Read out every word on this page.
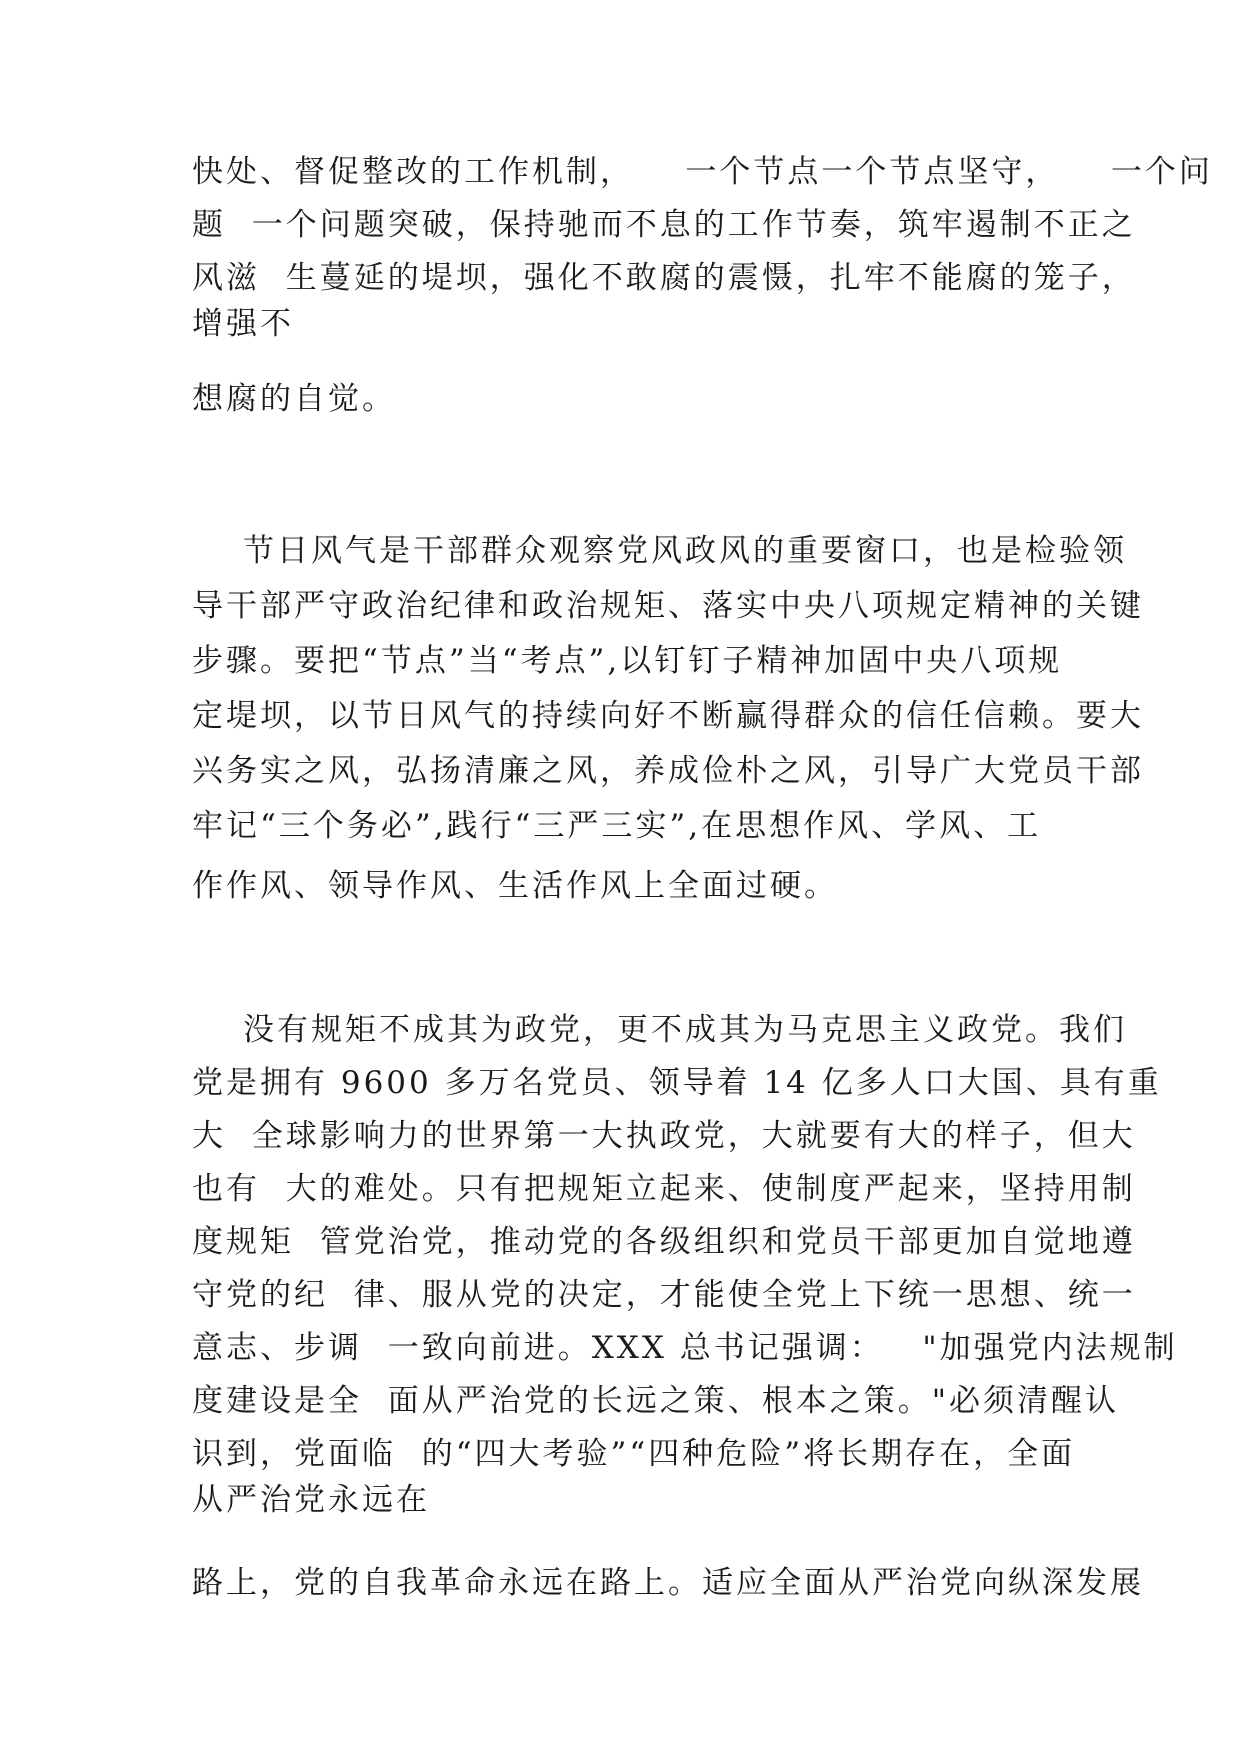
快处、督促整改的工作机制，    一个节点一个节点坚守，    一个问

题  一个问题突破，保持驰而不息的工作节奏，筑牢遏制不正之

风滋  生蔓延的堤坝，强化不敢腐的震慑，扎牢不能腐的笼子，

增强不

想腐的自觉。

节日风气是干部群众观察党风政风的重要窗口，也是检验领

导干部严守政治纪律和政治规矩、落实中央八项规定精神的关键

步骤。要把“节点”当“考点”,以钉钉子精神加固中央八项规

定堤坝，以节日风气的持续向好不断赢得群众的信任信赖。要大

兴务实之风，弘扬清廉之风，养成俭朴之风，引导广大党员干部

牢记“三个务必”,践行“三严三实”,在思想作风、学风、工

作作风、领导作风、生活作风上全面过硬。

没有规矩不成其为政党，更不成其为马克思主义政党。我们

党是拥有 9600 多万名党员、领导着 14 亿多人口大国、具有重

大  全球影响力的世界第一大执政党，大就要有大的样子，但大

也有  大的难处。只有把规矩立起来、使制度严起来，坚持用制

度规矩  管党治党，推动党的各级组织和党员干部更加自觉地遵

守党的纪  律、服从党的决定，才能使全党上下统一思想、统一

意志、步调  一致向前进。XXX 总书记强调：   "加强党内法规制

度建设是全  面从严治党的长远之策、根本之策。"必须清醒认

识到，党面临  的“四大考验”“四种危险”将长期存在，全面

从严治党永远在

路上，党的自我革命永远在路上。适应全面从严治党向纵深发展
